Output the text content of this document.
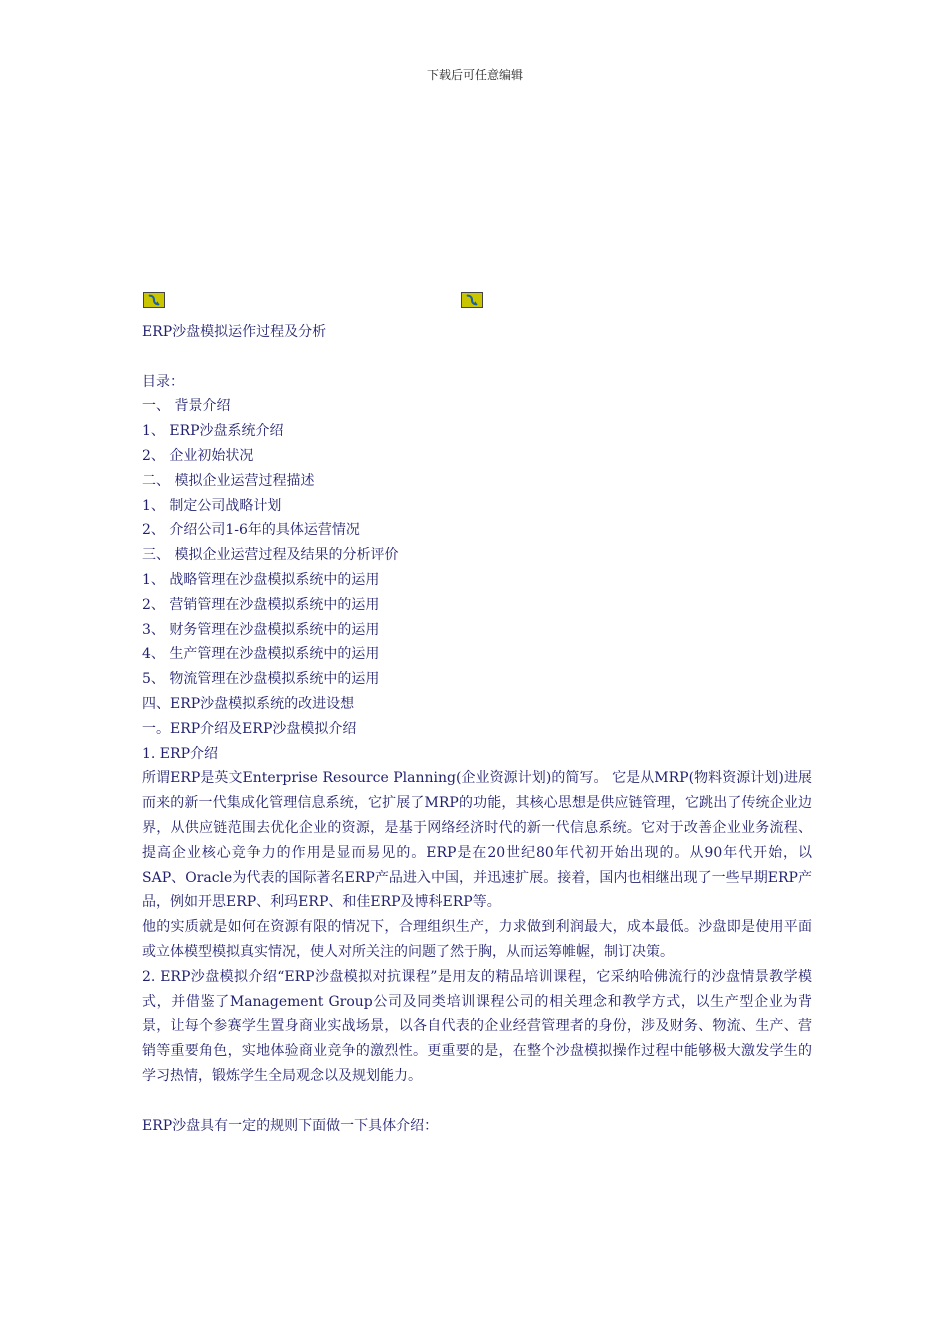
下载后可任意编辑

ERP沙盘模拟运作过程及分析

目录：

一、 背景介绍

1、 ERP沙盘系统介绍

2、 企业初始状况

二、 模拟企业运营过程描述

1、 制定公司战略计划

2、 介绍公司1-6年的具体运营情况

三、 模拟企业运营过程及结果的分析评价

1、 战略管理在沙盘模拟系统中的运用

2、 营销管理在沙盘模拟系统中的运用

3、 财务管理在沙盘模拟系统中的运用

4、 生产管理在沙盘模拟系统中的运用

5、 物流管理在沙盘模拟系统中的运用

四、ERP沙盘模拟系统的改进设想

一。ERP介绍及ERP沙盘模拟介绍

1. ERP介绍

所谓ERP是英文Enterprise Resource Planning(企业资源计划)的简写。 它是从MRP(物料资源计划)进展而来的新一代集成化管理信息系统，它扩展了MRP的功能，其核心思想是供应链管理，它跳出了传统企业边界，从供应链范围去优化企业的资源，是基于网络经济时代的新一代信息系统。它对于改善企业业务流程、提高企业核心竞争力的作用是显而易见的。ERP是在20世纪80年代初开始出现的。从90年代开始，以SAP、Oracle为代表的国际著名ERP产品进入中国，并迅速扩展。接着，国内也相继出现了一些早期ERP产品，例如开思ERP、利玛ERP、和佳ERP及博科ERP等。

他的实质就是如何在资源有限的情况下，合理组织生产，力求做到利润最大，成本最低。沙盘即是使用平面或立体模型模拟真实情况，使人对所关注的问题了然于胸，从而运筹帷幄，制订决策。

2. ERP沙盘模拟介绍“ERP沙盘模拟对抗课程”是用友的精品培训课程，它采纳哈佛流行的沙盘情景教学模式，并借鉴了Management Group公司及同类培训课程公司的相关理念和教学方式，以生产型企业为背景，让每个参赛学生置身商业实战场景，以各自代表的企业经营管理者的身份，涉及财务、物流、生产、营销等重要角色，实地体验商业竞争的激烈性。更重要的是，在整个沙盘模拟操作过程中能够极大激发学生的学习热情，锻炼学生全局观念以及规划能力。

ERP沙盘具有一定的规则下面做一下具体介绍：
